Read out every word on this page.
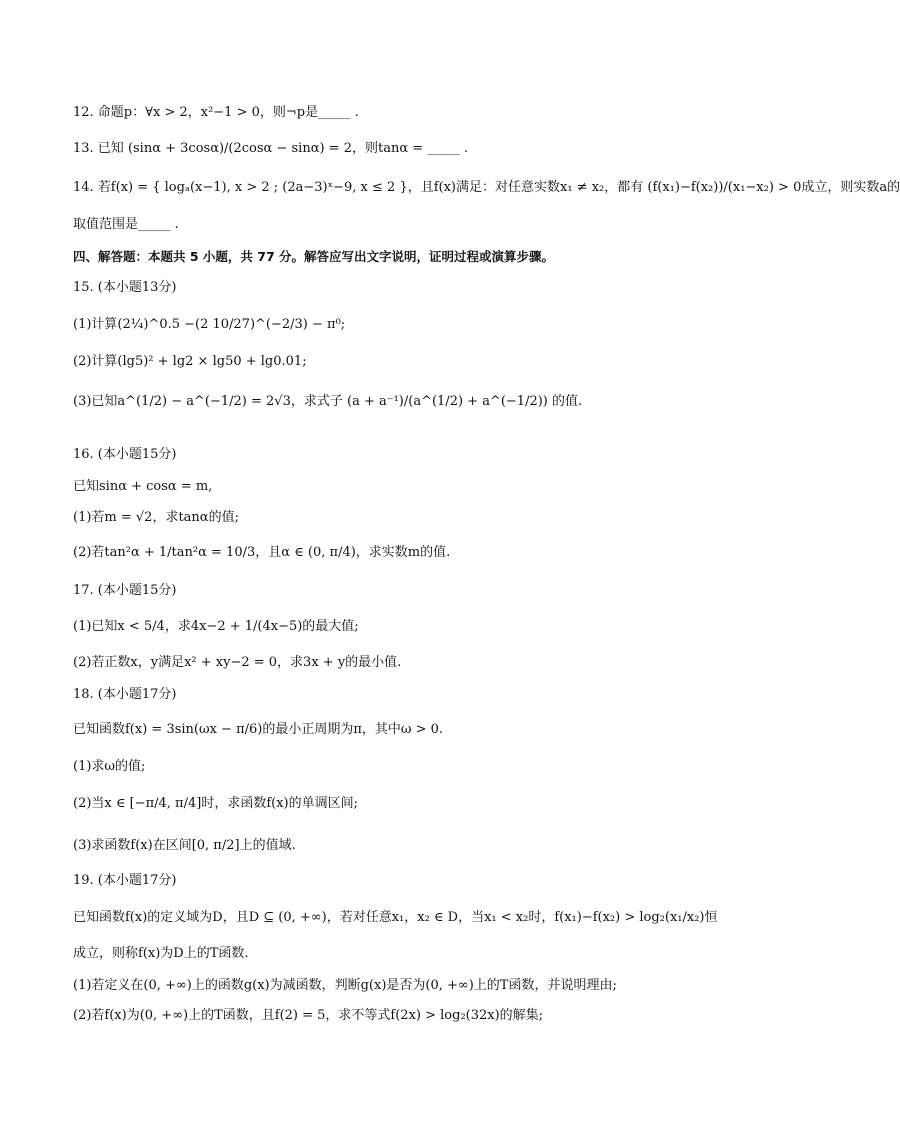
12. 命题p：∀x > 2，x²−1 > 0，则¬p是_____ .
13. 已知 (sinα + 3cosα)/(2cosα − sinα) = 2，则tanα = _____ .
14. 若f(x) = { logₐ(x−1), x > 2 ; (2a−3)ˣ−9, x ≤ 2 }，且f(x)满足：对任意实数x₁ ≠ x₂，都有 (f(x₁)−f(x₂))/(x₁−x₂) > 0成立，则实数a的
取值范围是_____ .
四、解答题：本题共 5 小题，共 77 分。解答应写出文字说明，证明过程或演算步骤。
15. (本小题13分)
(1)计算(2¼)^0.5 −(2 10/27)^(−2/3) − π⁰;
(2)计算(lg5)² + lg2 × lg50 + lg0.01;
(3)已知a^(1/2) − a^(−1/2) = 2√3，求式子 (a + a⁻¹)/(a^(1/2) + a^(−1/2)) 的值.
16. (本小题15分)
已知sinα + cosα = m,
(1)若m = √2，求tanα的值;
(2)若tan²α + 1/tan²α = 10/3，且α ∈ (0, π/4)，求实数m的值.
17. (本小题15分)
(1)已知x < 5/4，求4x−2 + 1/(4x−5)的最大值;
(2)若正数x，y满足x² + xy−2 = 0，求3x + y的最小值.
18. (本小题17分)
已知函数f(x) = 3sin(ωx − π/6)的最小正周期为π，其中ω > 0.
(1)求ω的值;
(2)当x ∈ [−π/4, π/4]时，求函数f(x)的单调区间;
(3)求函数f(x)在区间[0, π/2]上的值域.
19. (本小题17分)
已知函数f(x)的定义域为D，且D ⊆ (0, +∞)，若对任意x₁，x₂ ∈ D，当x₁ < x₂时，f(x₁)−f(x₂) > log₂(x₁/x₂)恒
成立，则称f(x)为D上的T函数.
(1)若定义在(0, +∞)上的函数g(x)为减函数，判断g(x)是否为(0, +∞)上的T函数，并说明理由;
(2)若f(x)为(0, +∞)上的T函数，且f(2) = 5，求不等式f(2x) > log₂(32x)的解集;
